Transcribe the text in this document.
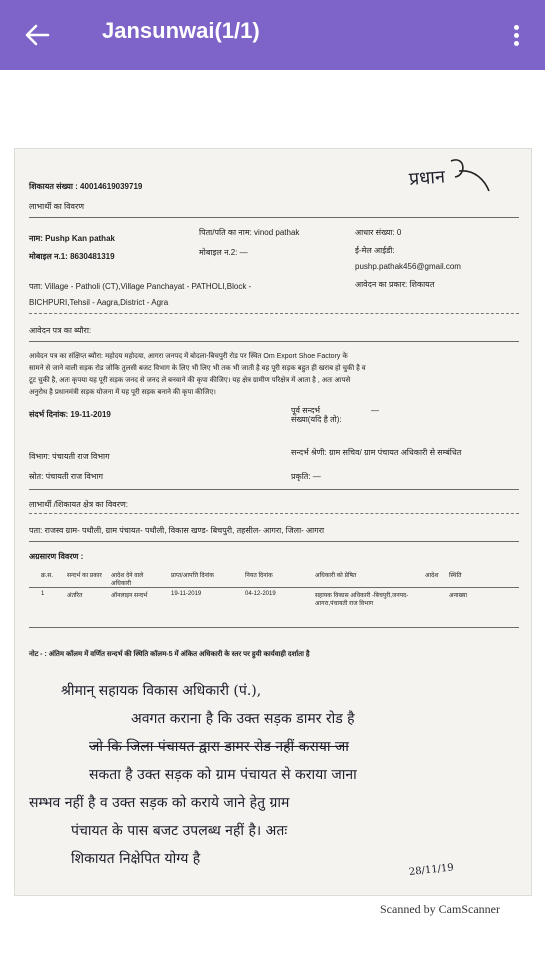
Jansunwai(1/1)
प्रधान
शिकायत संख्या : 40014619039719
लाभार्थी का विवरण
नाम: Pushp Kan pathak
पिता/पति का नाम: vinod pathak	आधार संख्या: 0
मोबाइल न.1: 8630481319	मोबाइल न.2: —	ई-मेल आईडी:
pushp.pathak456@gmail.com
पता: Village - Patholi (CT),Village Panchayat - PATHOLI,Block -	आवेदन का प्रकार: शिकायत
BICHPURI,Tehsil - Aagra,District - Agra
आवेदन पत्र का ब्यौरा:
आवेदन पत्र का संक्षिप्त ब्यौरा: महोदय महोदया, आगरा जनपद में बोदला-बिचपुरी रोड पर स्थित Om Export Shoe Factory के
सामने से जाने वाली सड़क रोड जोकि तुलसी बजट विभाग के लिए भी लिए भी तक भी जाती है वह पूरी सड़क बहुत ही खराब हो चुकी है व
टूट चुकी है, अतः कृपया यह पूरी सड़क जनद से जनद ले बनवाने की कृपा कीजिए। यह क्षेत्र ग्रामीण परिक्षेत्र में आता है , अतः आपसे
अनुरोध है प्रधानमंत्री सड़क योजना में यह पूरी सड़क बनाने की कृपा कीजिए।
संदर्भ दिनांक: 19-11-2019	पूर्व सन्दर्भ संख्या(यदि है तो):
—
विभाग: पंचायती राज विभाग	सन्दर्भ श्रेणी: ग्राम सचिव/ ग्राम पंचायत अधिकारी से सम्बंधित
स्रोत: पंचायती राज विभाग	प्रकृति: —
लाभार्थी /शिकायत क्षेत्र का विवरण:
पता: राजस्व ग्राम- पथौली, ग्राम पंचायत- पथौली, विकास खण्ड- बिचपुरी, तहसील- आगरा, जिला- आगरा
अग्रसारण विवरण :
क्र.स.	सन्दर्भ का प्रकार	आदेश देने वाले अधिकारी	प्राप्त/आपत्ति दिनांक	नियत दिनांक	अधिकारी को प्रेषित	आदेश	स्थिति
1	अंतरित	ऑनलाइन सन्दर्भ	19-11-2019	04-12-2019	सहायक विकास अधिकारी -बिचपुरी,जनपद-आगरा,पंचायती राज विभाग		अनाख्या
नोट - : अंतिम कॉलम में वर्णित सन्दर्भ की स्थिति कॉलम-5 में अंकित अधिकारी के स्तर पर हुयी कार्यवाही दर्शाता है
श्रीमान् सहायक विकास अधिकारी (पं.),
अवगत कराना है कि उक्त सड़क डामर रोड है
जो कि जिला पंचायत द्वारा डामर रोड नहीं कराया जा
सकता है उक्त सड़क को ग्राम पंचायत से कराया जाना
सम्भव नहीं है व उक्त सड़क को कराये जाने हेतु ग्राम
पंचायत के पास बजट उपलब्ध नहीं है। अतः
शिकायत निक्षेपित योग्य है
28/11/19
Scanned by CamScanner
